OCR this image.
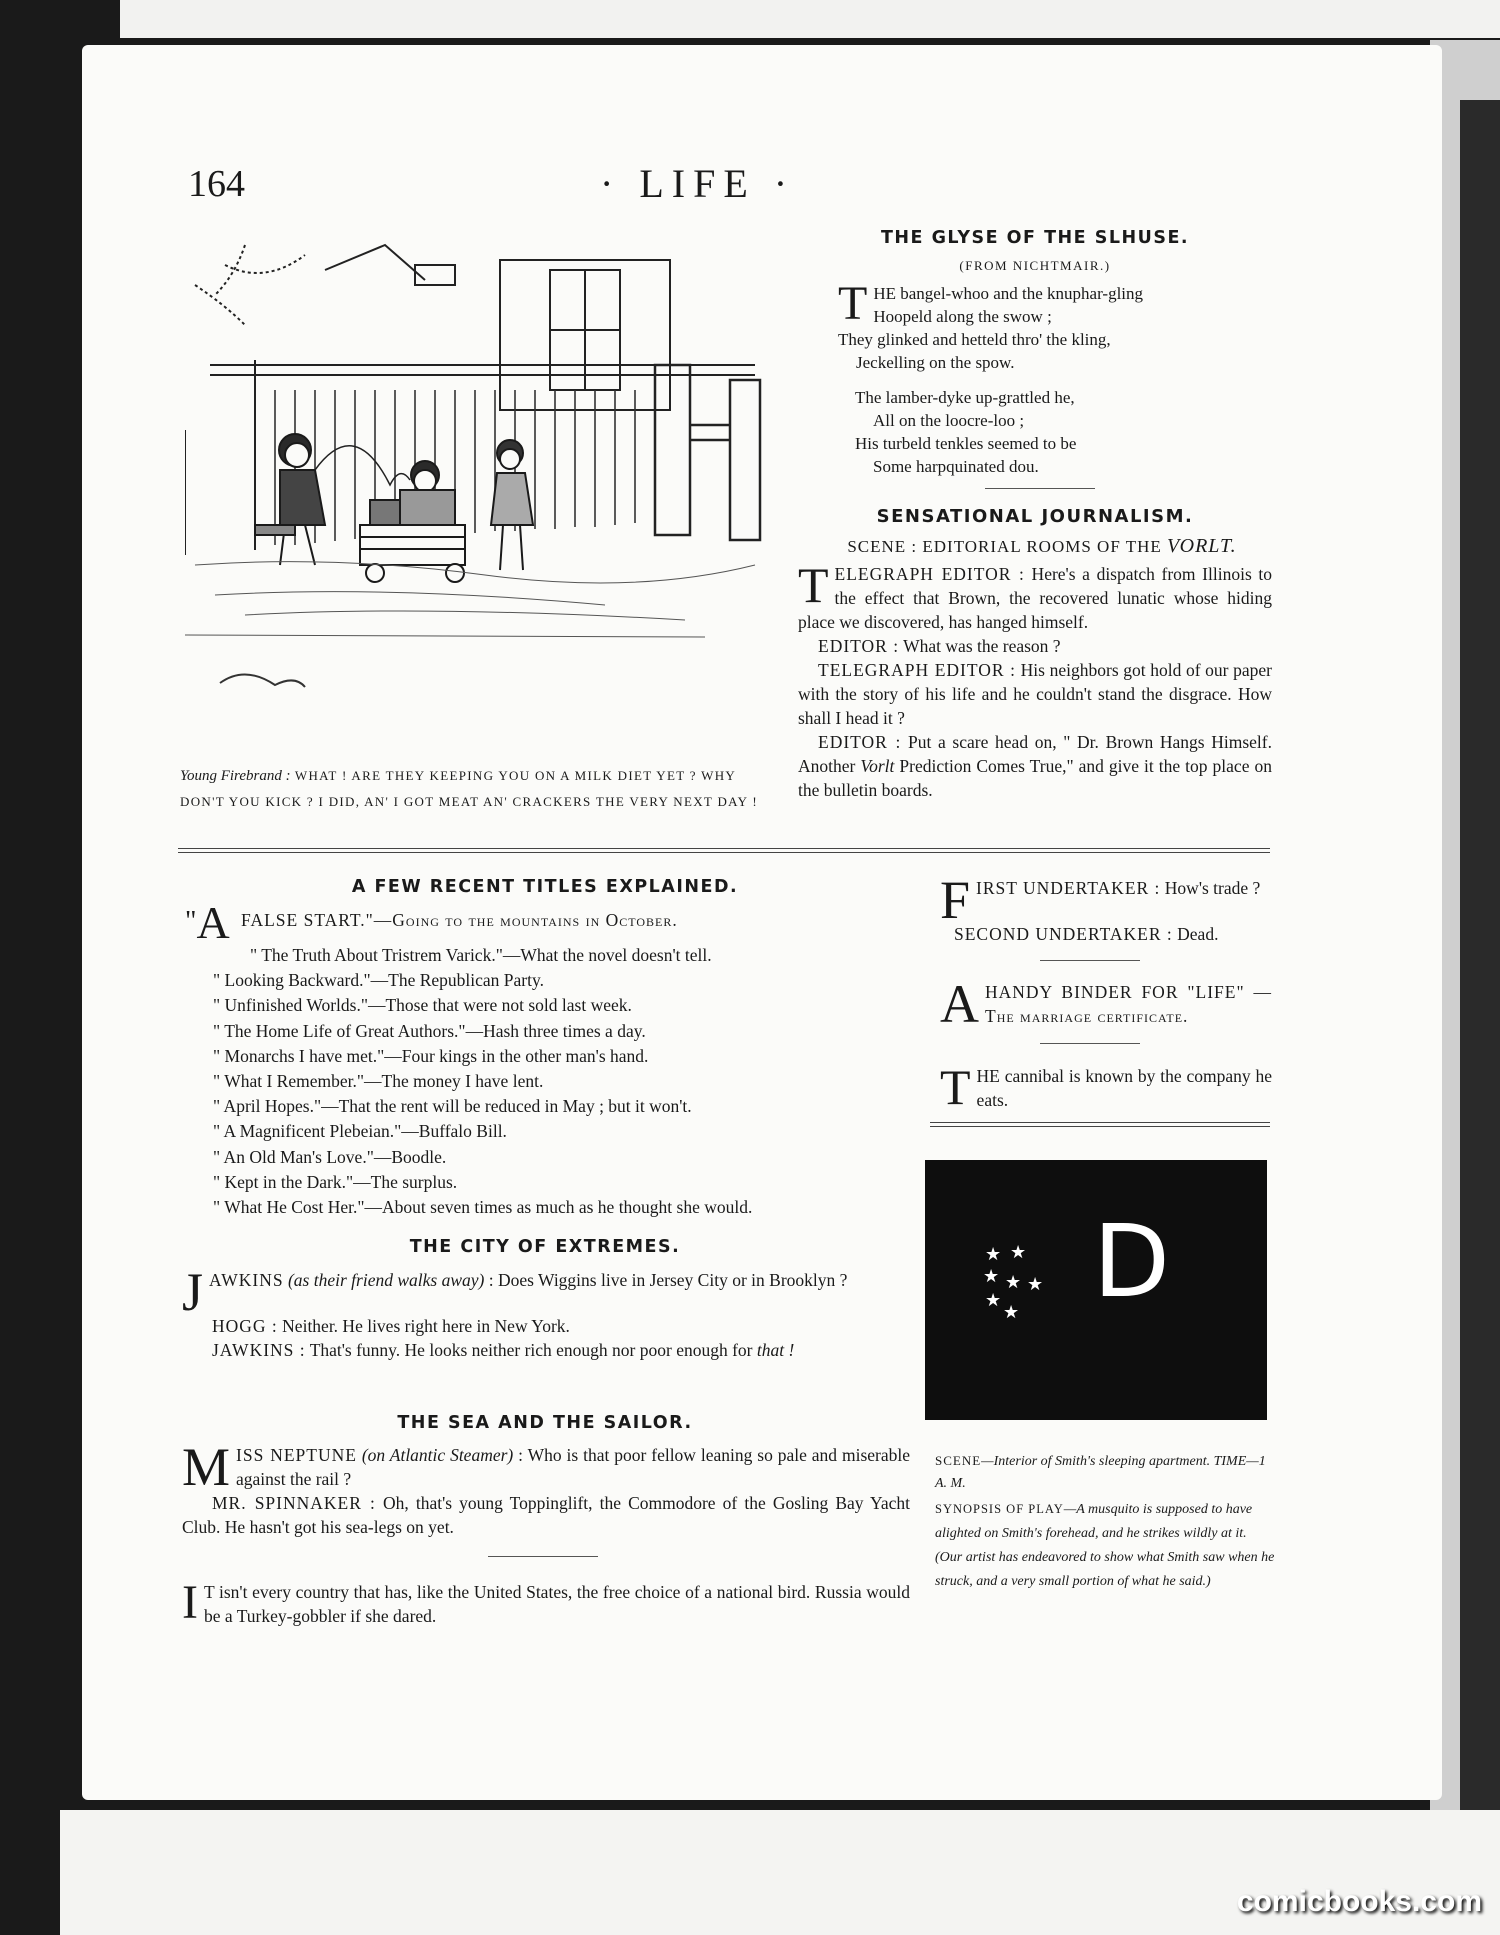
164	· LIFE ·
Young Firebrand : WHAT ! ARE THEY KEEPING YOU ON A MILK DIET YET ? WHY DON'T YOU KICK ? I DID, AN' I GOT MEAT AN' CRACKERS THE VERY NEXT DAY !
THE GLYSE OF THE SLHUSE.
(FROM NICHTMAIR.)
T HE bangel-whoo and the knuphar-gling

Hoopeld along the swow ;

They glinked and hetteld thro' the kling,

Jeckelling on the spow.

The lamber-dyke up-grattled he,

All on the loocre-loo ;

His turbeld tenkles seemed to be

Some harpquinated dou.

SENSATIONAL JOURNALISM.
SCENE : EDITORIAL ROOMS OF THE VORLT.

TELEGRAPH EDITOR : Here's a dispatch from Illinois to the effect that Brown, the recovered lunatic whose hiding place we discovered, has hanged himself.

EDITOR : What was the reason ?

TELEGRAPH EDITOR : His neighbors got hold of our paper with the story of his life and he couldn't stand the disgrace. How shall I head it ?

EDITOR : Put a scare head on, " Dr. Brown Hangs Himself. Another Vorlt Prediction Comes True," and give it the top place on the bulletin boards.

A FEW RECENT TITLES EXPLAINED.

"A FALSE START."—Going to the mountains in October.

" The Truth About Tristrem Varick."—What the novel doesn't tell.

" Looking Backward."—The Republican Party.

" Unfinished Worlds."—Those that were not sold last week.

" The Home Life of Great Authors."—Hash three times a day.

" Monarchs I have met."—Four kings in the other man's hand.

" What I Remember."—The money I have lent.

" April Hopes."—That the rent will be reduced in May ; but it won't.

" A Magnificent Plebeian."—Buffalo Bill.

" An Old Man's Love."—Boodle.

" Kept in the Dark."—The surplus.

" What He Cost Her."—About seven times as much as he thought she would.

THE CITY OF EXTREMES.

JAWKINS (as their friend walks away) : Does Wiggins live in Jersey City or in Brooklyn ?

HOGG : Neither. He lives right here in New York.

JAWKINS : That's funny. He looks neither rich enough nor poor enough for that !

THE SEA AND THE SAILOR.

MISS NEPTUNE (on Atlantic Steamer) : Who is that poor fellow leaning so pale and miserable against the rail ?

MR. SPINNAKER : Oh, that's young Toppinglift, the Commodore of the Gosling Bay Yacht Club. He hasn't got his sea-legs on yet.

I T isn't every country that has, like the United States, the free choice of a national bird. Russia would be a Turkey-gobbler if she dared.

FIRST UNDERTAKER : How's trade ?

SECOND UNDERTAKER : Dead.

A HANDY BINDER FOR "LIFE" —The marriage certificate.

THE cannibal is known by the company he eats.

D
★ ★
★ ★ ★
★
★
SCENE—Interior of Smith's sleeping apartment. TIME—1 A. M.
SYNOPSIS OF PLAY—A musquito is supposed to have alighted on Smith's forehead, and he strikes wildly at it. (Our artist has endeavored to show what Smith saw when he struck, and a very small portion of what he said.)
comicbooks.com
